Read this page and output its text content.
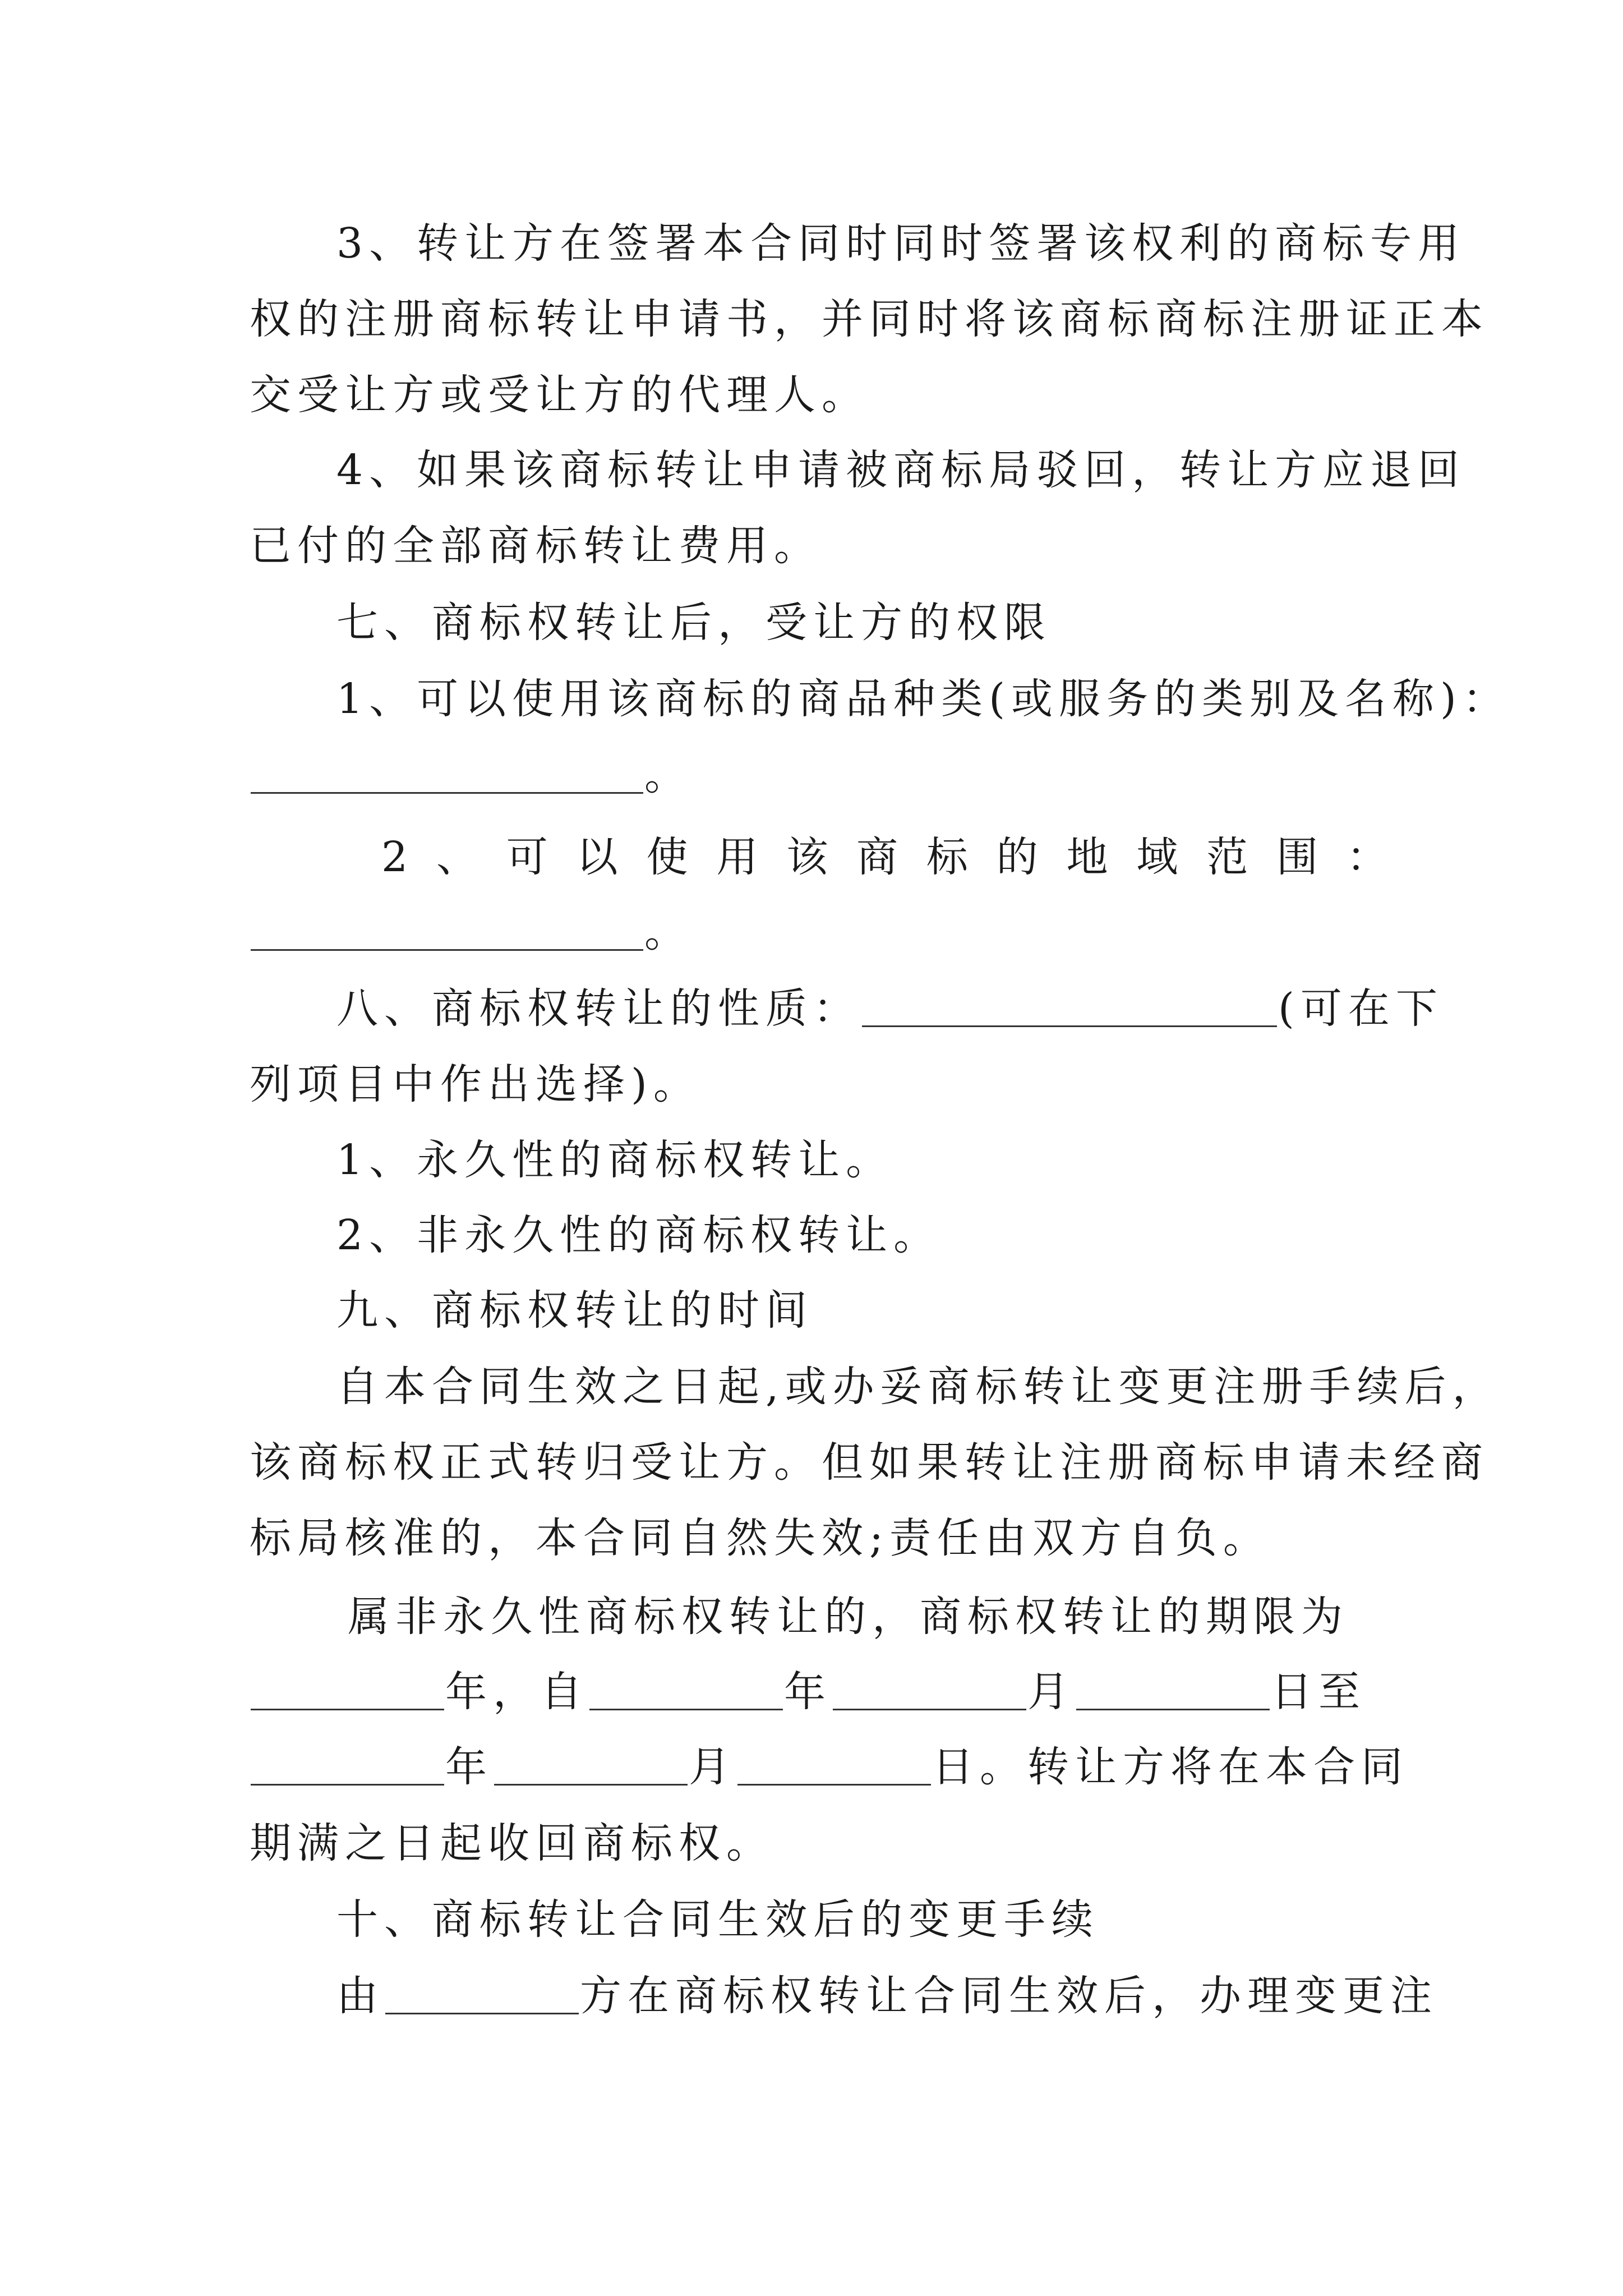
3、转让方在签署本合同时同时签署该权利的商标专用
权的注册商标转让申请书，并同时将该商标商标注册证正本
交受让方或受让方的代理人。
4、如果该商标转让申请被商标局驳回，转让方应退回
已付的全部商标转让费用。
七、商标权转让后，受让方的权限
1、可以使用该商标的商品种类(或服务的类别及名称)：
。
2 、 可 以 使 用 该 商 标 的 地 域 范 围 ：
。
八、商标权转让的性质：	(可在下
列项目中作出选择)。
1、永久性的商标权转让。
2、非永久性的商标权转让。
九、商标权转让的时间
自本合同生效之日起,或办妥商标转让变更注册手续后，
该商标权正式转归受让方。但如果转让注册商标申请未经商
标局核准的，本合同自然失效;责任由双方自负。
属非永久性商标权转让的，商标权转让的期限为
年，自	年	月	日至
年	月	日。转让方将在本合同
期满之日起收回商标权。
十、商标转让合同生效后的变更手续
由	方在商标权转让合同生效后，办理变更注
